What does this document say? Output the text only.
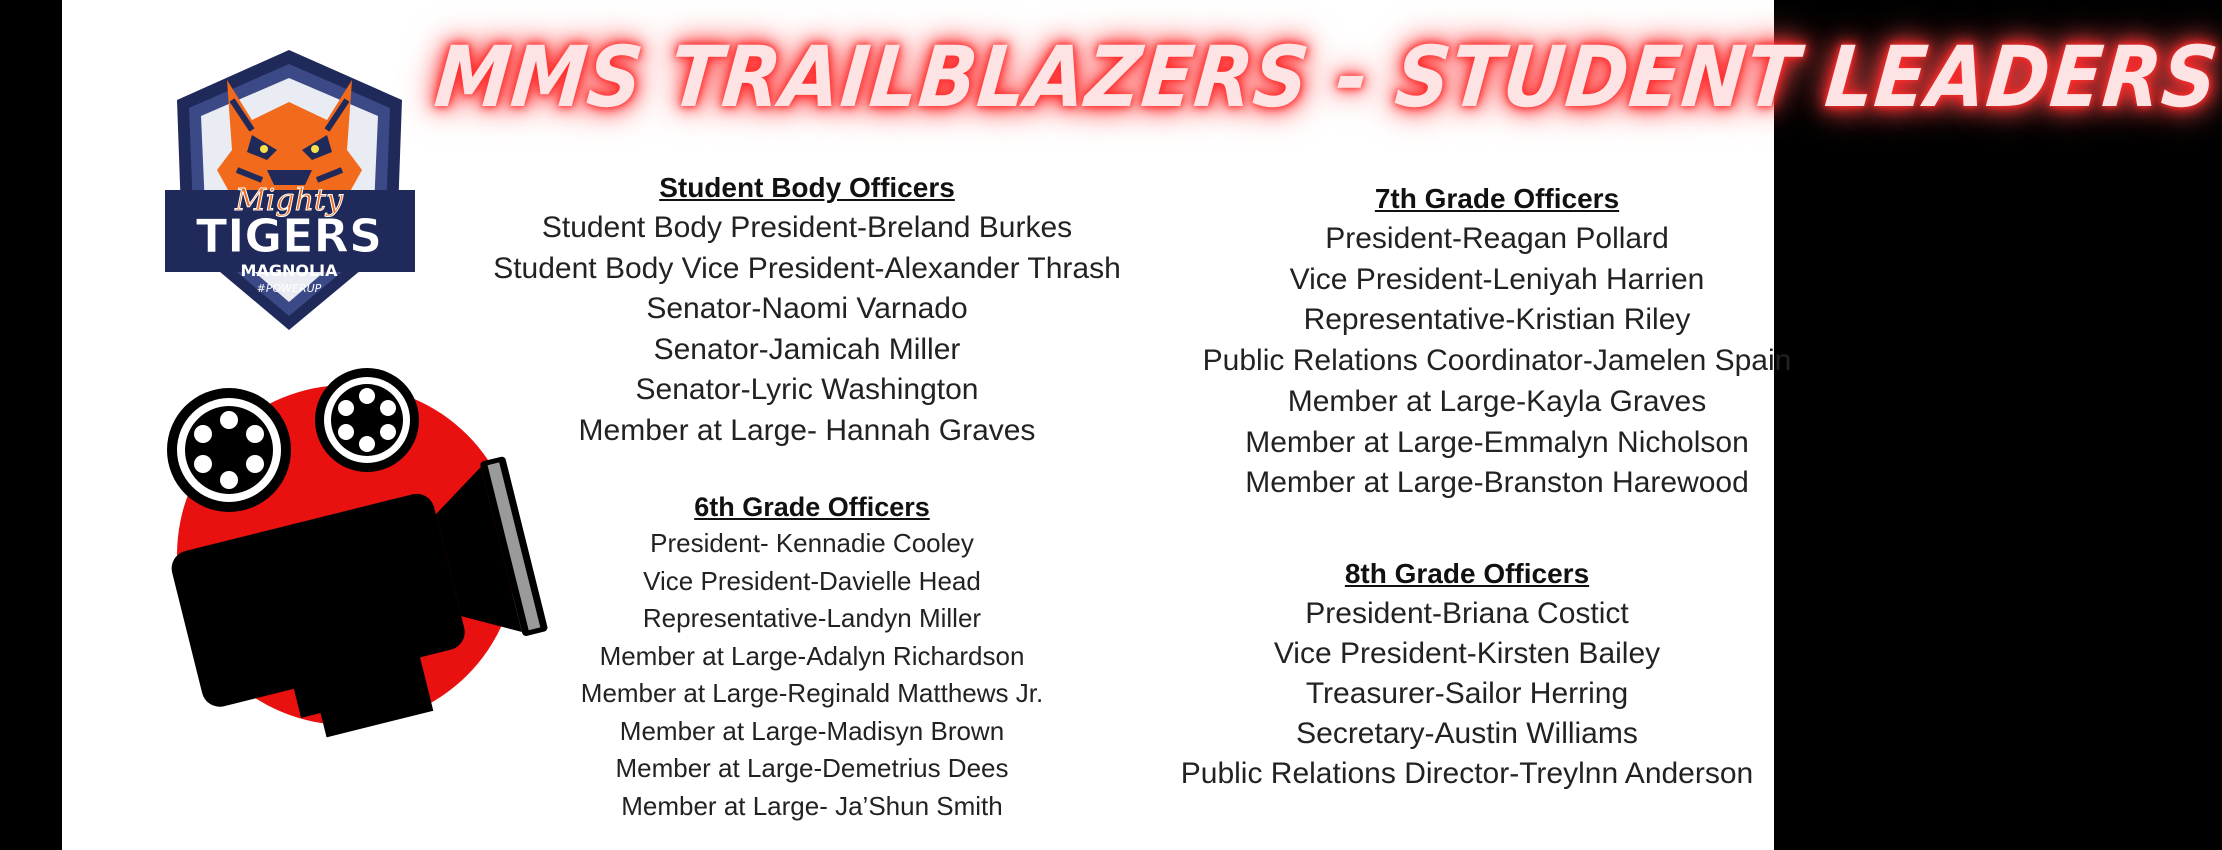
MMS TRAILBLAZERS - STUDENT LEADERS
Mighty
TIGERS
MAGNOLIA
#POWERUP
Student Body Officers
Student Body President-Breland Burkes
Student Body Vice President-Alexander Thrash
Senator-Naomi Varnado
Senator-Jamicah Miller
Senator-Lyric Washington
Member at Large- Hannah Graves
6th Grade Officers
President- Kennadie Cooley
Vice President-Davielle Head
Representative-Landyn Miller
Member at Large-Adalyn Richardson
Member at Large-Reginald Matthews Jr.
Member at Large-Madisyn Brown
Member at Large-Demetrius Dees
Member at Large- Ja’Shun Smith
7th Grade Officers
President-Reagan Pollard
Vice President-Leniyah Harrien
Representative-Kristian Riley
Public Relations Coordinator-Jamelen Spain
Member at Large-Kayla Graves
Member at Large-Emmalyn Nicholson
Member at Large-Branston Harewood
8th Grade Officers
President-Briana Costict
Vice President-Kirsten Bailey
Treasurer-Sailor Herring
Secretary-Austin Williams
Public Relations Director-Treylnn Anderson
